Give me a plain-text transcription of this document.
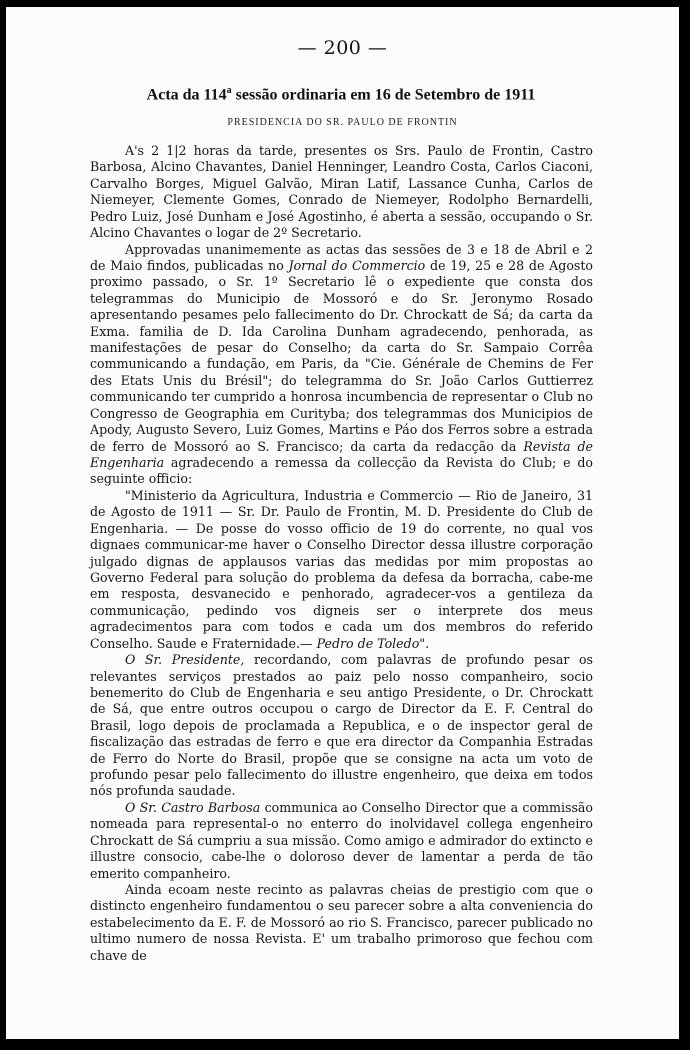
— 200 —
Acta da 114$^a$ sessão ordinaria em 16 de Setembro de 1911
PRESIDENCIA DO SR. PAULO DE FRONTIN

A's 2 1|2 horas da tarde, presentes os Srs. Paulo de Frontin, Castro Barbosa, Alcino Chavantes, Daniel Henninger, Leandro Costa, Carlos Ciaconi, Carvalho Borges, Miguel Galvão, Miran Latif, Lassance Cunha, Carlos de Niemeyer, Clemente Gomes, Conrado de Niemeyer, Rodolpho Bernardelli, Pedro Luiz, José Dunham e José Agostinho, é aberta a sessão, occupando o Sr. Alcino Chavantes o logar de 2º Secretario.

Approvadas unanimemente as actas das sessões de 3 e 18 de Abril e 2 de Maio findos, publicadas no Jornal do Commercio de 19, 25 e 28 de Agosto proximo passado, o Sr. 1º Secretario lê o expediente que consta dos telegrammas do Municipio de Mossoró e do Sr. Jeronymo Rosado apresentando pesames pelo fallecimento do Dr. Chrockatt de Sá; da carta da Exma. familia de D. Ida Carolina Dunham agradecendo, penhorada, as manifestações de pesar do Conselho; da carta do Sr. Sampaio Corrêa communicando a fundação, em Paris, da "Cie. Générale de Chemins de Fer des Etats Unis du Brésil"; do telegramma do Sr. João Carlos Guttierrez communicando ter cumprido a honrosa incumbencia de representar o Club no Congresso de Geographia em Curityba; dos telegrammas dos Municipios de Apody, Augusto Severo, Luiz Gomes, Martins e Páo dos Ferros sobre a estrada de ferro de Mossoró ao S. Francisco; da carta da redacção da Revista de Engenharia agradecendo a remessa da collecção da Revista do Club; e do seguinte officio:

"Ministerio da Agricultura, Industria e Commercio — Rio de Janeiro, 31 de Agosto de 1911 — Sr. Dr. Paulo de Frontin, M. D. Presidente do Club de Engenharia. — De posse do vosso officio de 19 do corrente, no qual vos dignaes communicar-me haver o Conselho Director dessa illustre corporação julgado dignas de applausos varias das medidas por mim propostas ao Governo Federal para solução do problema da defesa da borracha, cabe-me em resposta, desvanecido e penhorado, agradecer-vos a gentileza da communicação, pedindo vos digneis ser o interprete dos meus agradecimentos para com todos e cada um dos membros do referido Conselho. Saude e Fraternidade.— Pedro de Toledo".

O Sr. Presidente, recordando, com palavras de profundo pesar os relevantes serviços prestados ao paiz pelo nosso companheiro, socio benemerito do Club de Engenharia e seu antigo Presidente, o Dr. Chrockatt de Sá, que entre outros occupou o cargo de Director da E. F. Central do Brasil, logo depois de proclamada a Republica, e o de inspector geral de fiscalização das estradas de ferro e que era director da Companhia Estradas de Ferro do Norte do Brasil, propõe que se consigne na acta um voto de profundo pesar pelo fallecimento do illustre engenheiro, que deixa em todos nós profunda saudade.

O Sr. Castro Barbosa communica ao Conselho Director que a commissão nomeada para represental-o no enterro do inolvidavel collega engenheiro Chrockatt de Sá cumpriu a sua missão. Como amigo e admirador do extincto e illustre consocio, cabe-lhe o doloroso dever de lamentar a perda de tão emerito companheiro.

Ainda ecoam neste recinto as palavras cheias de prestigio com que o distincto engenheiro fundamentou o seu parecer sobre a alta conveniencia do estabelecimento da E. F. de Mossoró ao rio S. Francisco, parecer publicado no ultimo numero de nossa Revista. E' um trabalho primoroso que fechou com chave de
